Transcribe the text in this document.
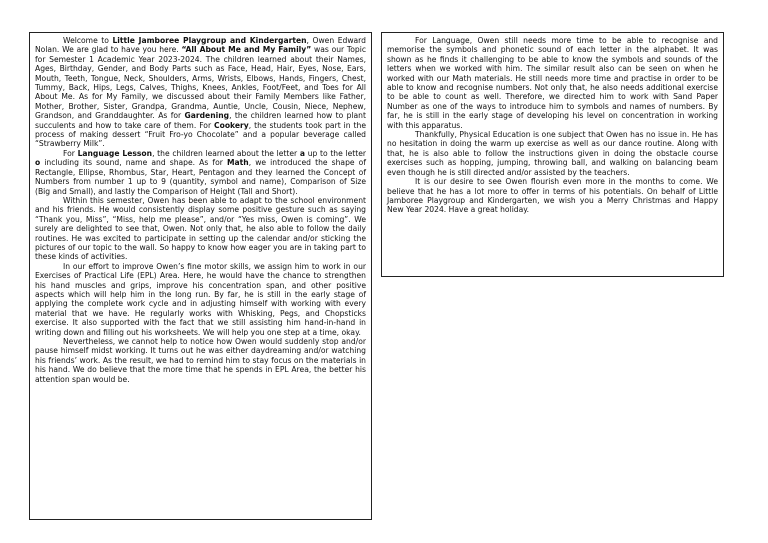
Welcome to Little Jamboree Playgroup and Kindergarten, Owen Edward Nolan. We are glad to have you here. “All About Me and My Family” was our Topic for Semester 1 Academic Year 2023-2024. The children learned about their Names, Ages, Birthday, Gender, and Body Parts such as Face, Head, Hair, Eyes, Nose, Ears, Mouth, Teeth, Tongue, Neck, Shoulders, Arms, Wrists, Elbows, Hands, Fingers, Chest, Tummy, Back, Hips, Legs, Calves, Thighs, Knees, Ankles, Foot/Feet, and Toes for All About Me. As for My Family, we discussed about their Family Members like Father, Mother, Brother, Sister, Grandpa, Grandma, Auntie, Uncle, Cousin, Niece, Nephew, Grandson, and Granddaughter. As for Gardening, the children learned how to plant succulents and how to take care of them. For Cookery, the students took part in the process of making dessert “Fruit Fro-yo Chocolate” and a popular beverage called “Strawberry Milk”.

For Language Lesson, the children learned about the letter a up to the letter o including its sound, name and shape. As for Math, we introduced the shape of Rectangle, Ellipse, Rhombus, Star, Heart, Pentagon and they learned the Concept of Numbers from number 1 up to 9 (quantity, symbol and name), Comparison of Size (Big and Small), and lastly the Comparison of Height (Tall and Short).

Within this semester, Owen has been able to adapt to the school environment and his friends. He would consistently display some positive gesture such as saying “Thank you, Miss”, “Miss, help me please”, and/or “Yes miss, Owen is coming”. We surely are delighted to see that, Owen. Not only that, he also able to follow the daily routines. He was excited to participate in setting up the calendar and/or sticking the pictures of our topic to the wall. So happy to know how eager you are in taking part to these kinds of activities.

In our effort to improve Owen’s fine motor skills, we assign him to work in our Exercises of Practical Life (EPL) Area. Here, he would have the chance to strengthen his hand muscles and grips, improve his concentration span, and other positive aspects which will help him in the long run. By far, he is still in the early stage of applying the complete work cycle and in adjusting himself with working with every material that we have. He regularly works with Whisking, Pegs, and Chopsticks exercise. It also supported with the fact that we still assisting him hand-in-hand in writing down and filling out his worksheets. We will help you one step at a time, okay.

Nevertheless, we cannot help to notice how Owen would suddenly stop and/or pause himself midst working. It turns out he was either daydreaming and/or watching his friends’ work. As the result, we had to remind him to stay focus on the materials in his hand. We do believe that the more time that he spends in EPL Area, the better his attention span would be.

For Language, Owen still needs more time to be able to recognise and memorise the symbols and phonetic sound of each letter in the alphabet. It was shown as he finds it challenging to be able to know the symbols and sounds of the letters when we worked with him. The similar result also can be seen on when he worked with our Math materials. He still needs more time and practise in order to be able to know and recognise numbers. Not only that, he also needs additional exercise to be able to count as well. Therefore, we directed him to work with Sand Paper Number as one of the ways to introduce him to symbols and names of numbers. By far, he is still in the early stage of developing his level on concentration in working with this apparatus.

Thankfully, Physical Education is one subject that Owen has no issue in. He has no hesitation in doing the warm up exercise as well as our dance routine. Along with that, he is also able to follow the instructions given in doing the obstacle course exercises such as hopping, jumping, throwing ball, and walking on balancing beam even though he is still directed and/or assisted by the teachers.

It is our desire to see Owen flourish even more in the months to come. We believe that he has a lot more to offer in terms of his potentials. On behalf of Little Jamboree Playgroup and Kindergarten, we wish you a Merry Christmas and Happy New Year 2024. Have a great holiday.
